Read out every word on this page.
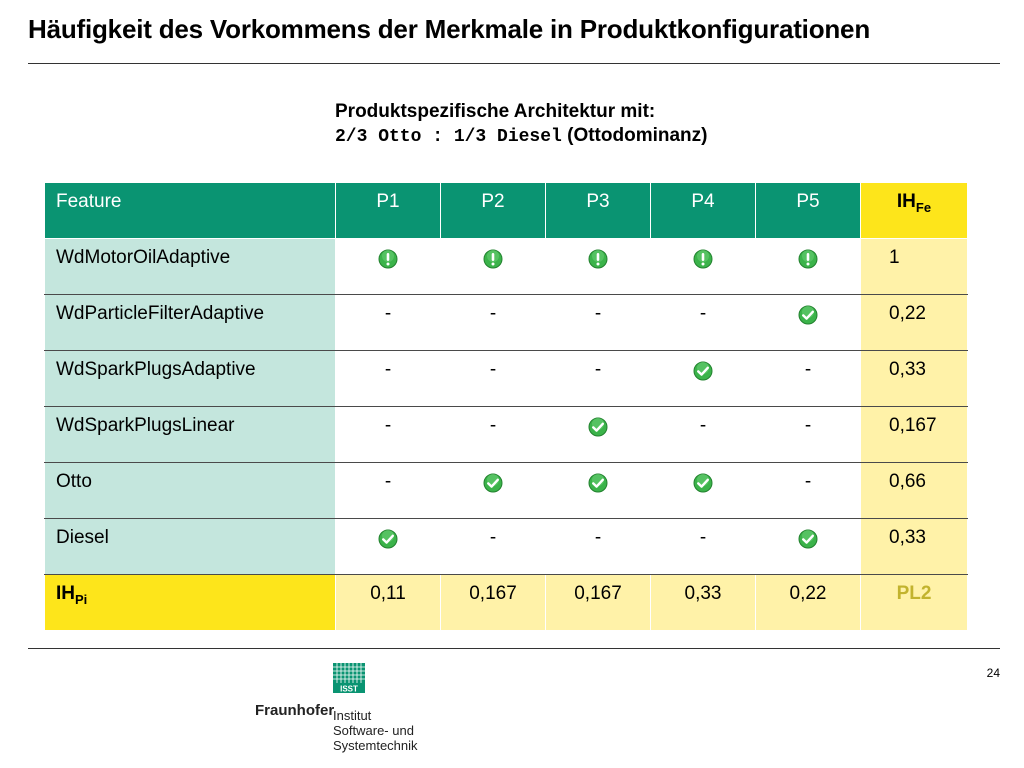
Häufigkeit des Vorkommens der Merkmale in Produktkonfigurationen
Produktspezifische Architektur mit:
2/3 Otto : 1/3 Diesel (Ottodominanz)
Feature	P1	P2	P3	P4	P5	$IH_{Fe}$

WdMotorOilAdaptive						1

WdParticleFilterAdaptive	-	-	-	-		0,22

WdSparkPlugsAdaptive	-	-	-		-	0,33

WdSparkPlugsLinear	-	-		-	-	0,167

Otto	-				-	0,66

Diesel		-	-	-		0,33

$IH_{Pi}$	0,11	0,167	0,167	0,33	0,22	PL2
24
ISST
Fraunhofer
Institut
Software- und
Systemtechnik
